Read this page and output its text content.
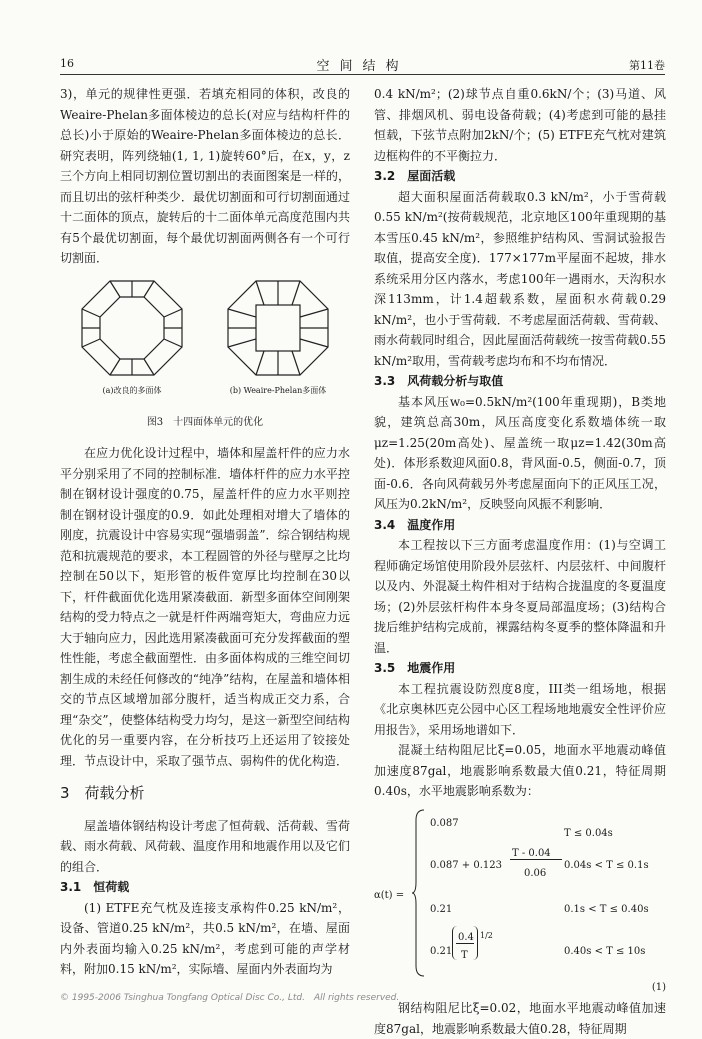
16	空间结构	第11卷

3)，单元的规律性更强．若填充相同的体积，改良的Weaire-Phelan多面体棱边的总长(对应与结构杆件的总长)小于原始的Weaire-Phelan多面体棱边的总长．研究表明，阵列绕轴(1, 1, 1)旋转60°后，在x，y，z三个方向上相同切割位置切割出的表面图案是一样的，而且切出的弦杆种类少．最优切割面和可行切割面通过十二面体的顶点，旋转后的十二面体单元高度范围内共有5个最优切割面，每个最优切割面两侧各有一个可行切割面．

(a)改良的多面体	(b) Weaire-Phelan多面体
图3　十四面体单元的优化

在应力优化设计过程中，墙体和屋盖杆件的应力水平分别采用了不同的控制标准．墙体杆件的应力水平控制在钢材设计强度的0.75，屋盖杆件的应力水平则控制在钢材设计强度的0.9．如此处理相对增大了墙体的刚度，抗震设计中容易实现“强墙弱盖”．综合钢结构规范和抗震规范的要求，本工程圆管的外径与壁厚之比均控制在50以下，矩形管的板件宽厚比均控制在30以下，杆件截面优化选用紧凑截面．新型多面体空间刚架结构的受力特点之一就是杆件两端弯矩大，弯曲应力远大于轴向应力，因此选用紧凑截面可充分发挥截面的塑性性能，考虑全截面塑性．由多面体构成的三维空间切割生成的未经任何修改的“纯净”结构，在屋盖和墙体相交的节点区域增加部分腹杆，适当构成正交力系，合理“杂交”，使整体结构受力均匀，是这一新型空间结构优化的另一重要内容，在分析技巧上还运用了铰接处理．节点设计中，采取了强节点、弱构件的优化构造．

3　荷载分析

屋盖墙体钢结构设计考虑了恒荷载、活荷载、雪荷载、雨水荷载、风荷载、温度作用和地震作用以及它们的组合．

3.1　恒荷载

(1) ETFE充气枕及连接支承构件0.25 kN/m²，设备、管道0.25 kN/m²，共0.5 kN/m²，在墙、屋面内外表面均输入0.25 kN/m²，考虑到可能的声学材料，附加0.15 kN/m²，实际墙、屋面内外表面均为

0.4 kN/m²；(2)球节点自重0.6kN/个；(3)马道、风管、排烟风机、弱电设备荷载；(4)考虑到可能的悬挂恒载，下弦节点附加2kN/个；(5) ETFE充气枕对建筑边框构件的不平衡拉力．

3.2　屋面活载

超大面积屋面活荷载取0.3 kN/m²，小于雪荷载0.55 kN/m²(按荷载规范，北京地区100年重现期的基本雪压0.45 kN/m²，参照维护结构风、雪洞试验报告取值，提高安全度)．177×177m平屋面不起坡，排水系统采用分区内落水，考虑100年一遇雨水，天沟积水深113mm，计1.4超载系数，屋面积水荷载0.29 kN/m²，也小于雪荷载．不考虑屋面活荷载、雪荷载、雨水荷载同时组合，因此屋面活荷载统一按雪荷载0.55 kN/m²取用，雪荷载考虑均布和不均布情况．

3.3　风荷载分析与取值

基本风压w₀=0.5kN/m²(100年重现期)，B类地貌，建筑总高30m，风压高度变化系数墙体统一取μz=1.25(20m高处)、屋盖统一取μz=1.42(30m高处)．体形系数迎风面0.8，背风面-0.5，侧面-0.7，顶面-0.6．各向风荷载另外考虑屋面向下的正风压工况，风压为0.2kN/m²，反映竖向风振不利影响．

3.4　温度作用

本工程按以下三方面考虑温度作用：(1)与空调工程师确定场馆使用阶段外层弦杆、内层弦杆、中间腹杆以及内、外混凝土构件相对于结构合拢温度的冬夏温度场；(2)外层弦杆构件本身冬夏局部温度场；(3)结构合拢后维护结构完成前，裸露结构冬夏季的整体降温和升温．

3.5　地震作用

本工程抗震设防烈度8度，III类一组场地，根据《北京奥林匹克公园中心区工程场地地震安全性评价应用报告》，采用场地谱如下．

混凝土结构阻尼比ξ=0.05，地面水平地震动峰值加速度87gal，地震影响系数最大值0.21，特征周期0.40s，水平地震影响系数为：

α(t) =
0.087
0.087 + 0.123
T - 0.04
0.06
0.21
0.21
0.4
T
1/2
T ≤ 0.04s
0.04s < T ≤ 0.1s
0.1s < T ≤ 0.40s
0.40s < T ≤ 10s
(1)

钢结构阻尼比ξ=0.02，地面水平地震动峰值加速度87gal，地震影响系数最大值0.28，特征周期

© 1995-2006 Tsinghua Tongfang Optical Disc Co., Ltd.　All rights reserved.
